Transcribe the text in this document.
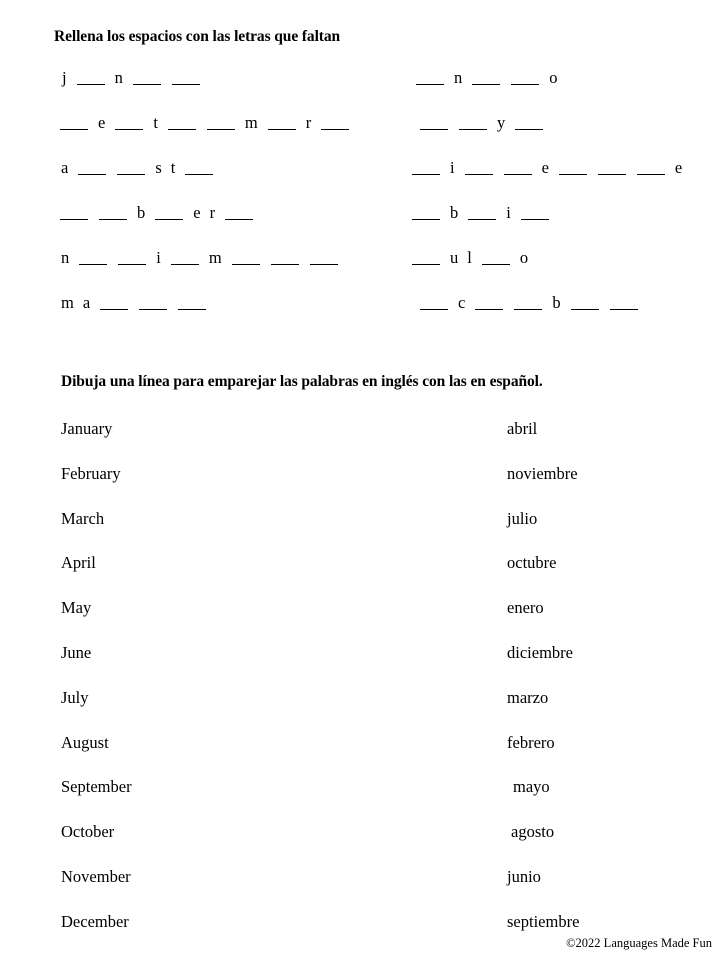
Rellena los espacios con las letras que faltan
j	n
e	t	m	r
a	s t
b	e r
n	i	m
m a
n	o
y
i	e	e
b	i
u l	o
c	b
Dibuja una línea para emparejar las palabras en inglés con las en español.
January
February
March
April
May
June
July
August
September
October
November
December
abril
noviembre
julio
octubre
enero
diciembre
marzo
febrero
mayo
agosto
junio
septiembre
©2022 Languages Made Fun
